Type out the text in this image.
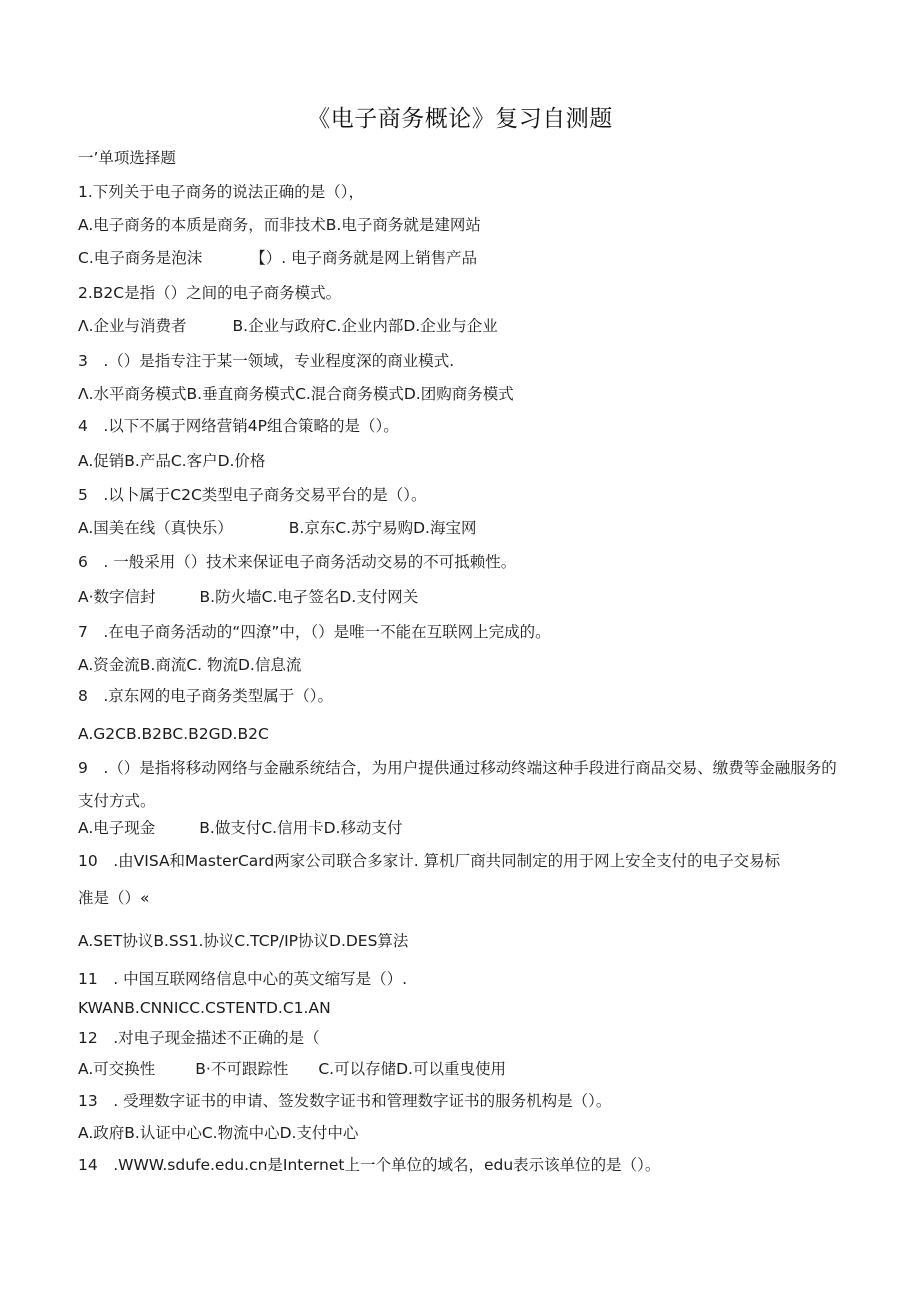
《电子商务概论》复习自测题
一’单项选择题
1.下列关于电子商务的说法正确的是（），
A.电子商务的本质是商务，而非技术B.电子商务就是建网站
C.电子商务是泡沫	【）. 电子商务就是网上销售产品
2.B2C是指（）之间的电子商务模式。
Λ.企业与消费者	B.企业与政府C.企业内部D.企业与企业
3　.（）是指专注于某一领域，专业程度深的商业模式.
Λ.水平商务模式B.垂直商务模式C.混合商务模式D.团购商务模式
4　.以下不属于网络营销4P组合策略的是（）。
A.促销B.产品C.客户D.价格
5　.以卜属于C2C类型电子商务交易平台的是（）。
A.国美在线（真快乐）	B.京东C.苏宁易购D.海宝网
6　. 一般采用（）技术来保证电子商务活动交易的不可抵赖性。
A·数字信封	B.防火墙C.电孑签名D.支付网关
7　.在电子商务活动的“四潦”中，（）是唯一不能在互联网上完成的。
A.资金流B.商流C. 物流D.信息流
8　.京东网的电子商务类型属于（）。
A.G2CB.B2BC.B2GD.B2C
9　.（）是指将移动网络与金融系统结合，为用户提供通过移动终端这种手段进行商品交易、缴费等金融服务的支付方式。
A.电子现金	B.做支付C.信用卡D.移动支付
10　.由VISA和MasterCard两家公司联合多家计. 算机厂商共同制定的用于网上安全支付的电子交易标
准是（）«
A.SET协议B.SS1.协议C.TCP/IP协议D.DES算法
11　. 中国互联网络信息中心的英文缩写是（）.
KWANB.CNNICC.CSTENTD.C1.AN
12　.对电子现金描述不正确的是（
A.可交换性	B·不可跟踪性 C.可以存储D.可以重曳使用
13　. 受理数字证书的申请、签发数字证书和管理数字证书的服务机构是（）。
A.政府B.认证中心C.物流中心D.支付中心
14　.WWW.sdufe.edu.cn是Internet上一个单位的域名，edu表示该单位的是（）。
